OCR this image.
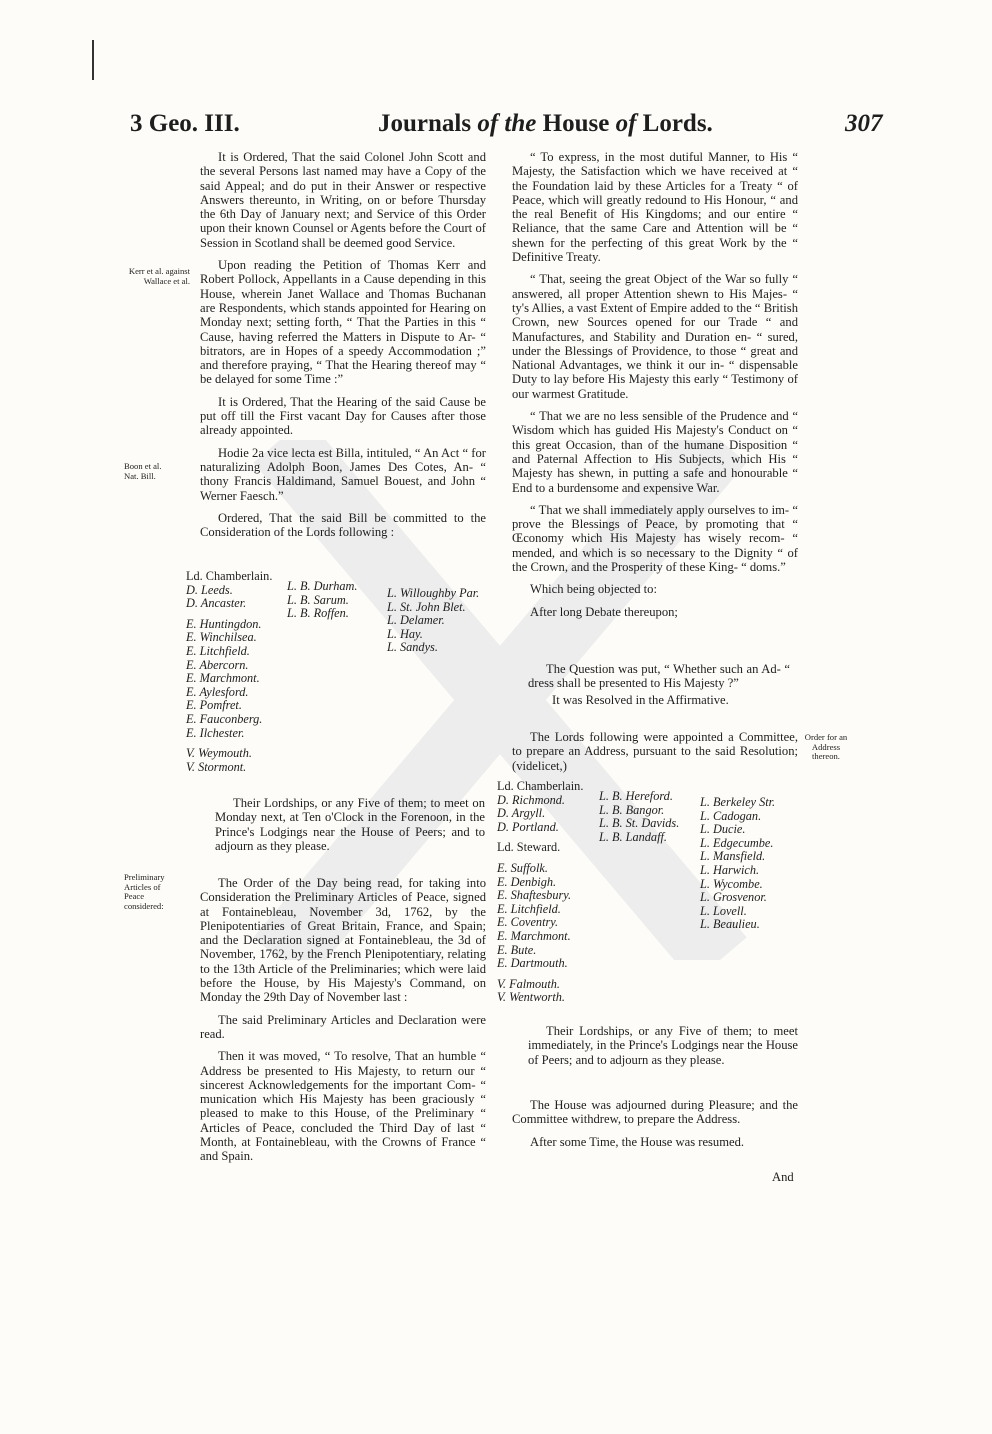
3 Geo. III.	Journals of the House of Lords.	307
Kerr et al. against Wallace et al.
Boon et al. Nat. Bill.
Preliminary Articles of Peace considered:
Order for an Address thereon.

It is Ordered, That the said Colonel John Scott and the several Persons last named may have a Copy of the said Appeal; and do put in their Answer or respective Answers thereunto, in Writing, on or before Thursday the 6th Day of January next; and Service of this Order upon their known Counsel or Agents before the Court of Session in Scotland shall be deemed good Service.

Upon reading the Petition of Thomas Kerr and Robert Pollock, Appellants in a Cause depending in this House, wherein Janet Wallace and Thomas Buchanan are Respondents, which stands appointed for Hearing on Monday next; setting forth, “ That the Parties in this “ Cause, having referred the Matters in Dispute to Ar- “ bitrators, are in Hopes of a speedy Accommodation ;” and therefore praying, “ That the Hearing thereof may “ be delayed for some Time :”

It is Ordered, That the Hearing of the said Cause be put off till the First vacant Day for Causes after those already appointed.

Hodie 2a vice lecta est Billa, intituled, “ An Act “ for naturalizing Adolph Boon, James Des Cotes, An- “ thony Francis Haldimand, Samuel Bouest, and John “ Werner Faesch.”

Ordered, That the said Bill be committed to the Consideration of the Lords following :

Ld. Chamberlain.
D. Leeds.
D. Ancaster.
E. Huntingdon.
E. Winchilsea.
E. Litchfield.
E. Abercorn.
E. Marchmont.
E. Aylesford.
E. Pomfret.
E. Fauconberg.
E. Ilchester.
V. Weymouth.
V. Stormont.
L. B. Durham.
L. B. Sarum.
L. B. Roffen.
L. Willoughby Par.
L. St. John Blet.
L. Delamer.
L. Hay.
L. Sandys.

Their Lordships, or any Five of them; to meet on Monday next, at Ten o'Clock in the Forenoon, in the Prince's Lodgings near the House of Peers; and to adjourn as they please.

The Order of the Day being read, for taking into Consideration the Preliminary Articles of Peace, signed at Fontainebleau, November 3d, 1762, by the Plenipotentiaries of Great Britain, France, and Spain; and the Declaration signed at Fontainebleau, the 3d of November, 1762, by the French Plenipotentiary, relating to the 13th Article of the Preliminaries; which were laid before the House, by His Majesty's Command, on Monday the 29th Day of November last :

The said Preliminary Articles and Declaration were read.

Then it was moved, “ To resolve, That an humble “ Address be presented to His Majesty, to return our “ sincerest Acknowledgements for the important Com- “ munication which His Majesty has been graciously “ pleased to make to this House, of the Preliminary “ Articles of Peace, concluded the Third Day of last “ Month, at Fontainebleau, with the Crowns of France “ and Spain.

“ To express, in the most dutiful Manner, to His “ Majesty, the Satisfaction which we have received at “ the Foundation laid by these Articles for a Treaty “ of Peace, which will greatly redound to His Honour, “ and the real Benefit of His Kingdoms; and our entire “ Reliance, that the same Care and Attention will be “ shewn for the perfecting of this great Work by the “ Definitive Treaty.

“ That, seeing the great Object of the War so fully “ answered, all proper Attention shewn to His Majes- “ ty's Allies, a vast Extent of Empire added to the “ British Crown, new Sources opened for our Trade “ and Manufactures, and Stability and Duration en- “ sured, under the Blessings of Providence, to those “ great and National Advantages, we think it our in- “ dispensable Duty to lay before His Majesty this early “ Testimony of our warmest Gratitude.

“ That we are no less sensible of the Prudence and “ Wisdom which has guided His Majesty's Conduct on “ this great Occasion, than of the humane Disposition “ and Paternal Affection to His Subjects, which His “ Majesty has shewn, in putting a safe and honourable “ End to a burdensome and expensive War.

“ That we shall immediately apply ourselves to im- “ prove the Blessings of Peace, by promoting that “ Œconomy which His Majesty has wisely recom- “ mended, and which is so necessary to the Dignity “ of the Crown, and the Prosperity of these King- “ doms.”

Which being objected to:

After long Debate thereupon;

The Question was put, “ Whether such an Ad- “ dress shall be presented to His Majesty ?”

It was Resolved in the Affirmative.

The Lords following were appointed a Committee, to prepare an Address, pursuant to the said Resolution; (videlicet,)

Ld. Chamberlain.
D. Richmond.
D. Argyll.
D. Portland.
Ld. Steward.
E. Suffolk.
E. Denbigh.
E. Shaftesbury.
E. Litchfield.
E. Coventry.
E. Marchmont.
E. Bute.
E. Dartmouth.
V. Falmouth.
V. Wentworth.
L. B. Hereford.
L. B. Bangor.
L. B. St. Davids.
L. B. Landaff.
L. Berkeley Str.
L. Cadogan.
L. Ducie.
L. Edgecumbe.
L. Mansfield.
L. Harwich.
L. Wycombe.
L. Grosvenor.
L. Lovell.
L. Beaulieu.

Their Lordships, or any Five of them; to meet immediately, in the Prince's Lodgings near the House of Peers; and to adjourn as they please.

The House was adjourned during Pleasure; and the Committee withdrew, to prepare the Address.

After some Time, the House was resumed.

And
